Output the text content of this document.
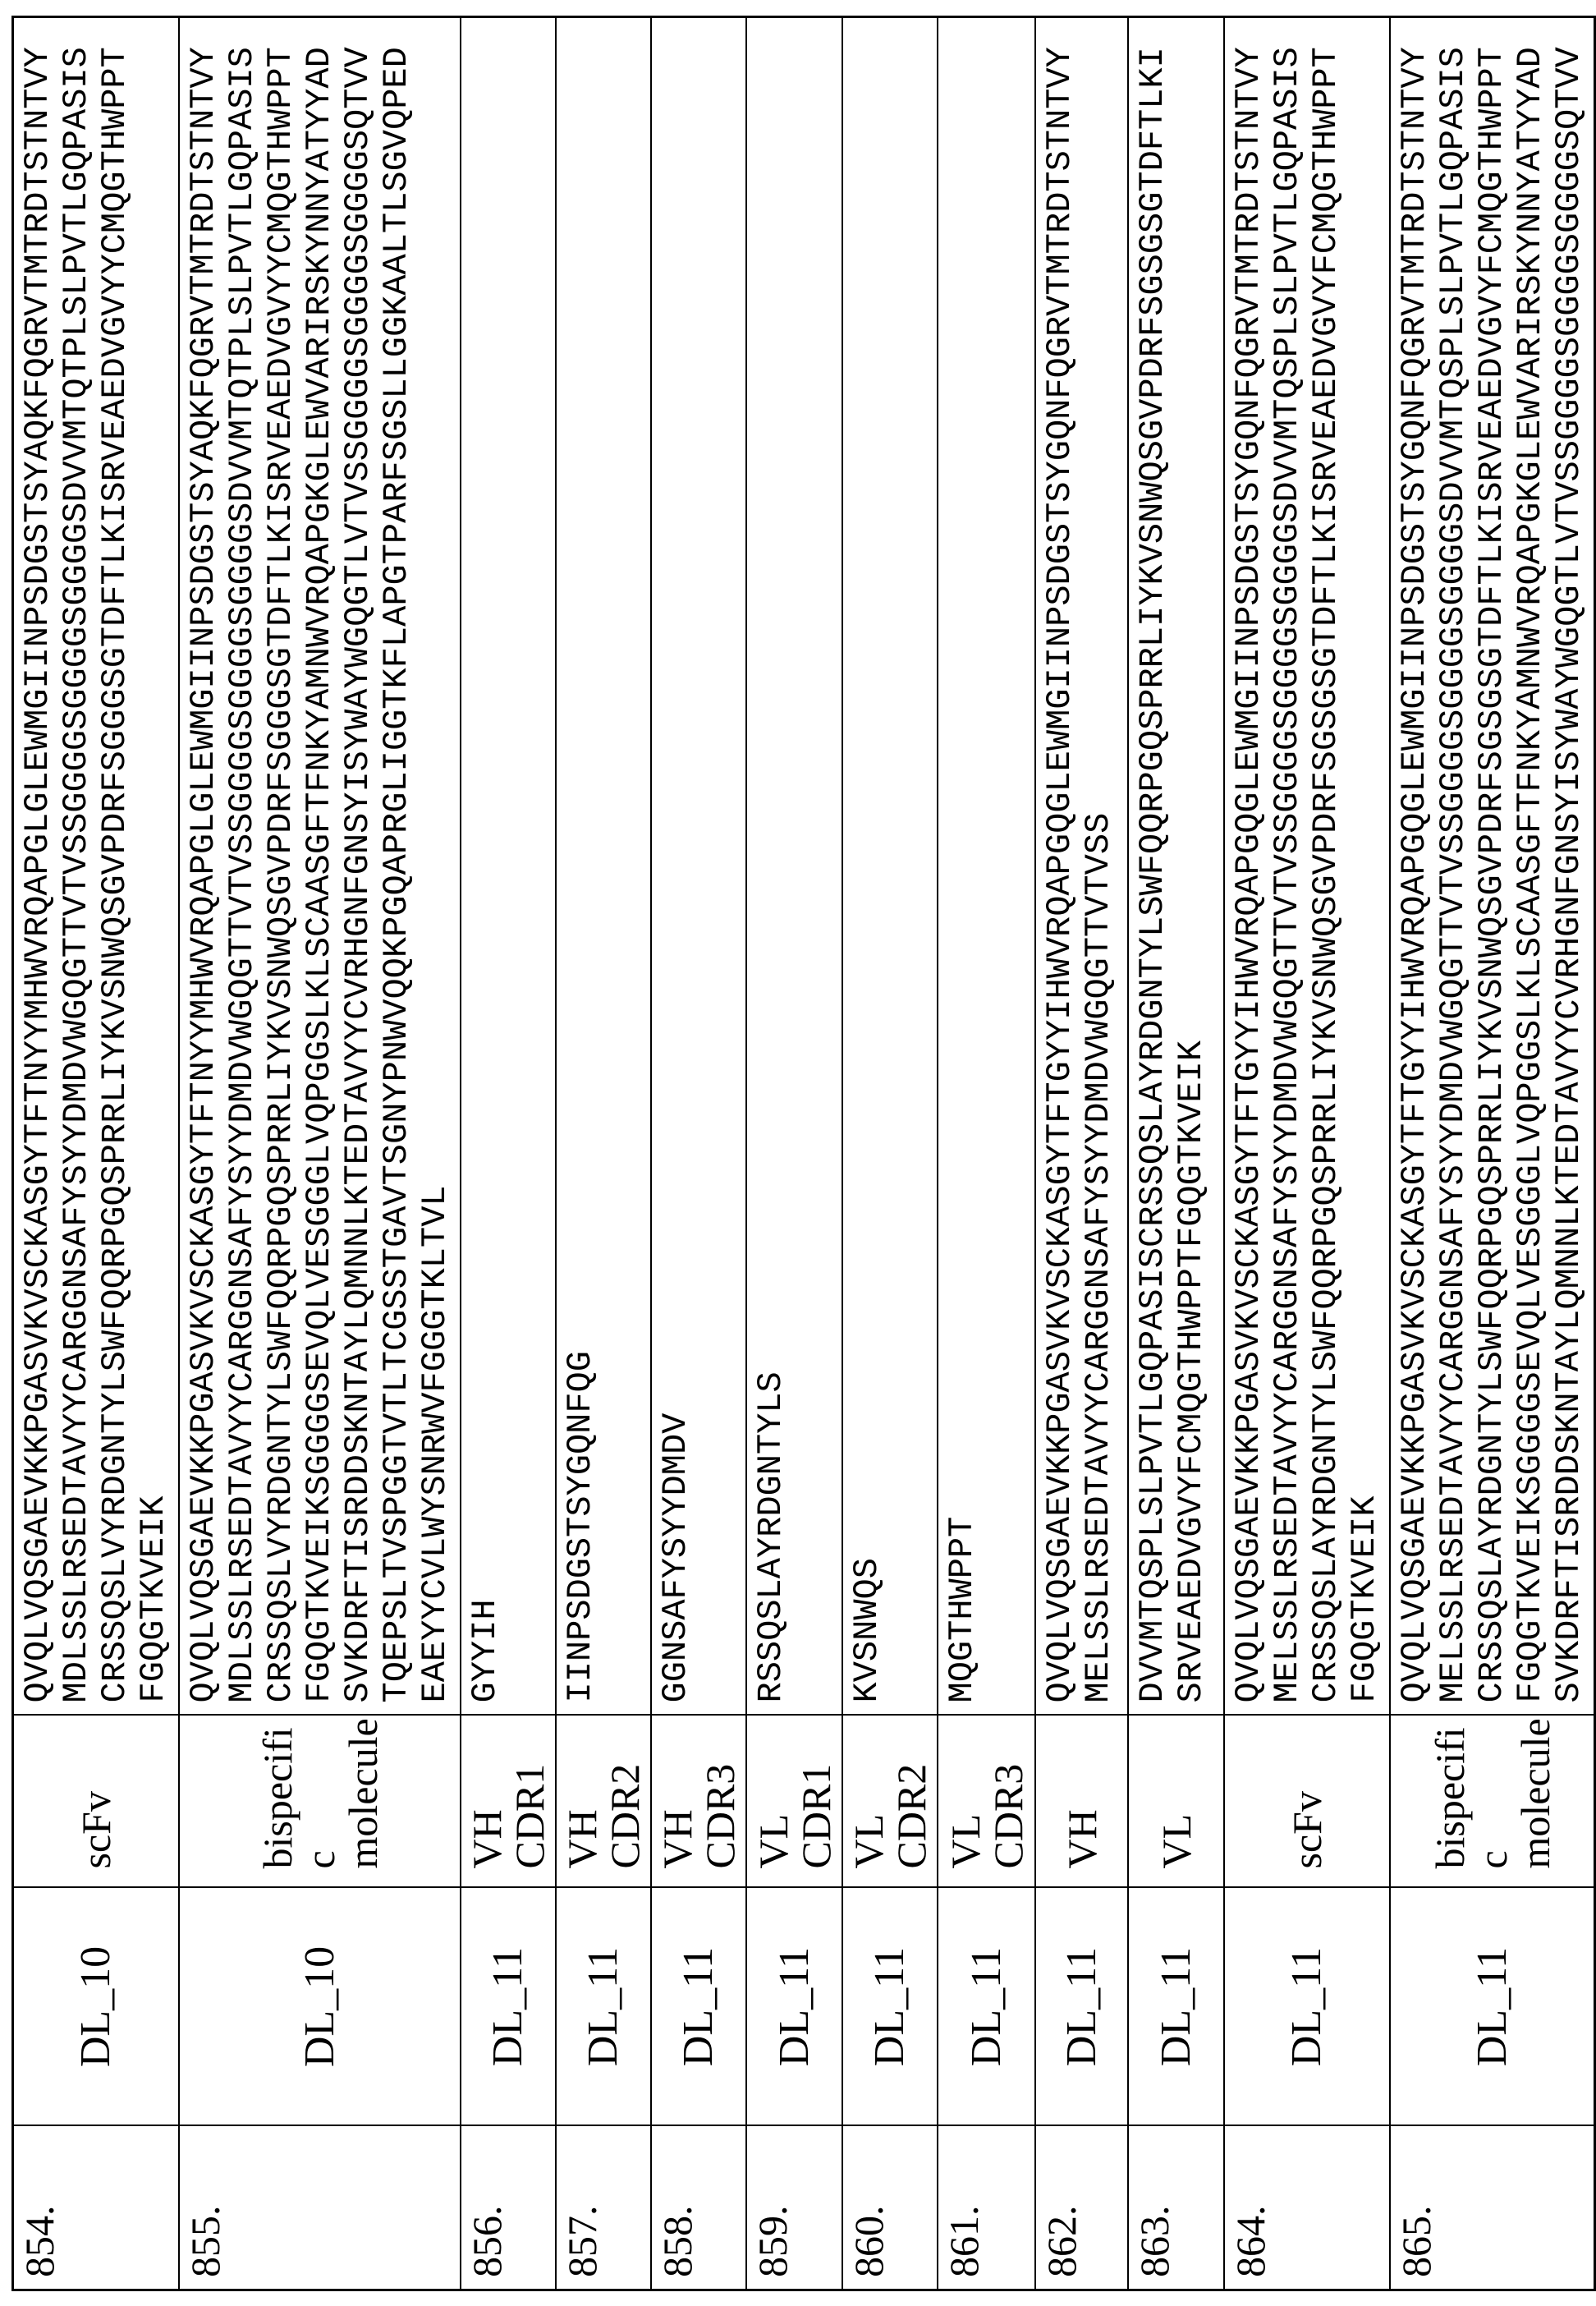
854.	DL_10	scFv	
QVQLVQSGAEVKKPGASVKVSCKASGYTFTNYYMHWVRQAPGLGLEWMGIINPSDGSTSYAQKFQGRVTMTRDTSTNTVYMDLSSLRSEDTAVYYCARGGNSAFYSYYDMDVWGQGTTVTVSSGGGGSGGGGSGGGGSDVVMTQTPLSLPVTLGQPASISCRSSQSLVYRDGNTYLSWFQQRPGQSPRRLIYKVSNWQSGVPDRFSGGGSGTDFTLKISRVEAEDVGVYYCMQGTHWPPTFGQGTKVEIK

855.	DL_10	bispecifi
c
molecule	
QVQLVQSGAEVKKPGASVKVSCKASGYTFTNYYMHWVRQAPGLGLEWMGIINPSDGSTSYAQKFQGRVTMTRDTSTNTVYMDLSSLRSEDTAVYYCARGGNSAFYSYYDMDVWGQGTTVTVSSGGGGSGGGGSGGGGSDVVMTQTPLSLPVTLGQPASISCRSSQSLVYRDGNTYLSWFQQRPGQSPRRLIYKVSNWQSGVPDRFSGGGSGTDFTLKISRVEAEDVGVYYCMQGTHWPPTFGQGTKVEIKSGGGGSEVQLVESGGGLVQPGGSLKLSCAASGFTFNKYAMNWVRQAPGKGLEWVARIRSKYNNYATYYADSVKDRFTISRDDSKNTAYLQMNNLKTEDTAVYYCVRHGNFGNSYISYWAYWGQGTLVTVSSGGGGSGGGGSGGGGSQTVVTQEPSLTVSPGGTVTLTCGSSTGAVTSGNYPNWVQQKPGQAPRGLIGGTKFLAPGTPARFSGSLLGGKAALTLSGVQPEDEAEYYCVLWYSNRWVFGGGTKLTVL

856.	DL_11	VH
CDR1	
GYYIH

857.	DL_11	VH
CDR2	
IINPSDGSTSYGQNFQG

858.	DL_11	VH
CDR3	
GGNSAFYSYYDMDV

859.	DL_11	VL
CDR1	
RSSQSLAYRDGNTYLS

860.	DL_11	VL
CDR2	
KVSNWQS

861.	DL_11	VL
CDR3	
MQGTHWPPT

862.	DL_11	VH	
QVQLVQSGAEVKKPGASVKVSCKASGYTFTGYYIHWVRQAPGQGLEWMGIINPSDGSTSYGQNFQGRVTMTRDTSTNTVYMELSSLRSEDTAVYYCARGGNSAFYSYYDMDVWGQGTTVTVSS

863.	DL_11	VL	
DVVMTQSPLSLPVTLGQPASISCRSSQSLAYRDGNTYLSWFQQRPGQSPRRLIYKVSNWQSGVPDRFSGSGSGTDFTLKISRVEAEDVGVYFCMQGTHWPPTFGQGTKVEIK

864.	DL_11	scFv	
QVQLVQSGAEVKKPGASVKVSCKASGYTFTGYYIHWVRQAPGQGLEWMGIINPSDGSTSYGQNFQGRVTMTRDTSTNTVYMELSSLRSEDTAVYYCARGGNSAFYSYYDMDVWGQGTTVTVSSGGGGSGGGGSGGGGSDVVMTQSPLSLPVTLGQPASISCRSSQSLAYRDGNTYLSWFQQRPGQSPRRLIYKVSNWQSGVPDRFSGSGSGTDFTLKISRVEAEDVGVYFCMQGTHWPPTFGQGTKVEIK

865.	DL_11	bispecifi
c
molecule	
QVQLVQSGAEVKKPGASVKVSCKASGYTFTGYYIHWVRQAPGQGLEWMGIINPSDGSTSYGQNFQGRVTMTRDTSTNTVYMELSSLRSEDTAVYYCARGGNSAFYSYYDMDVWGQGTTVTVSSGGGGSGGGGSGGGGSDVVMTQSPLSLPVTLGQPASISCRSSQSLAYRDGNTYLSWFQQRPGQSPRRLIYKVSNWQSGVPDRFSGSGSGTDFTLKISRVEAEDVGVYFCMQGTHWPPTFGQGTKVEIKSGGGGSEVQLVESGGGLVQPGGSLKLSCAASGFTFNKYAMNWVRQAPGKGLEWVARIRSKYNNYATYYADSVKDRFTISRDDSKNTAYLQMNNLKTEDTAVYYCVRHGNFGNSYISYWAYWGQGTLVTVSSGGGGSGGGGSGGGGSQTVV
